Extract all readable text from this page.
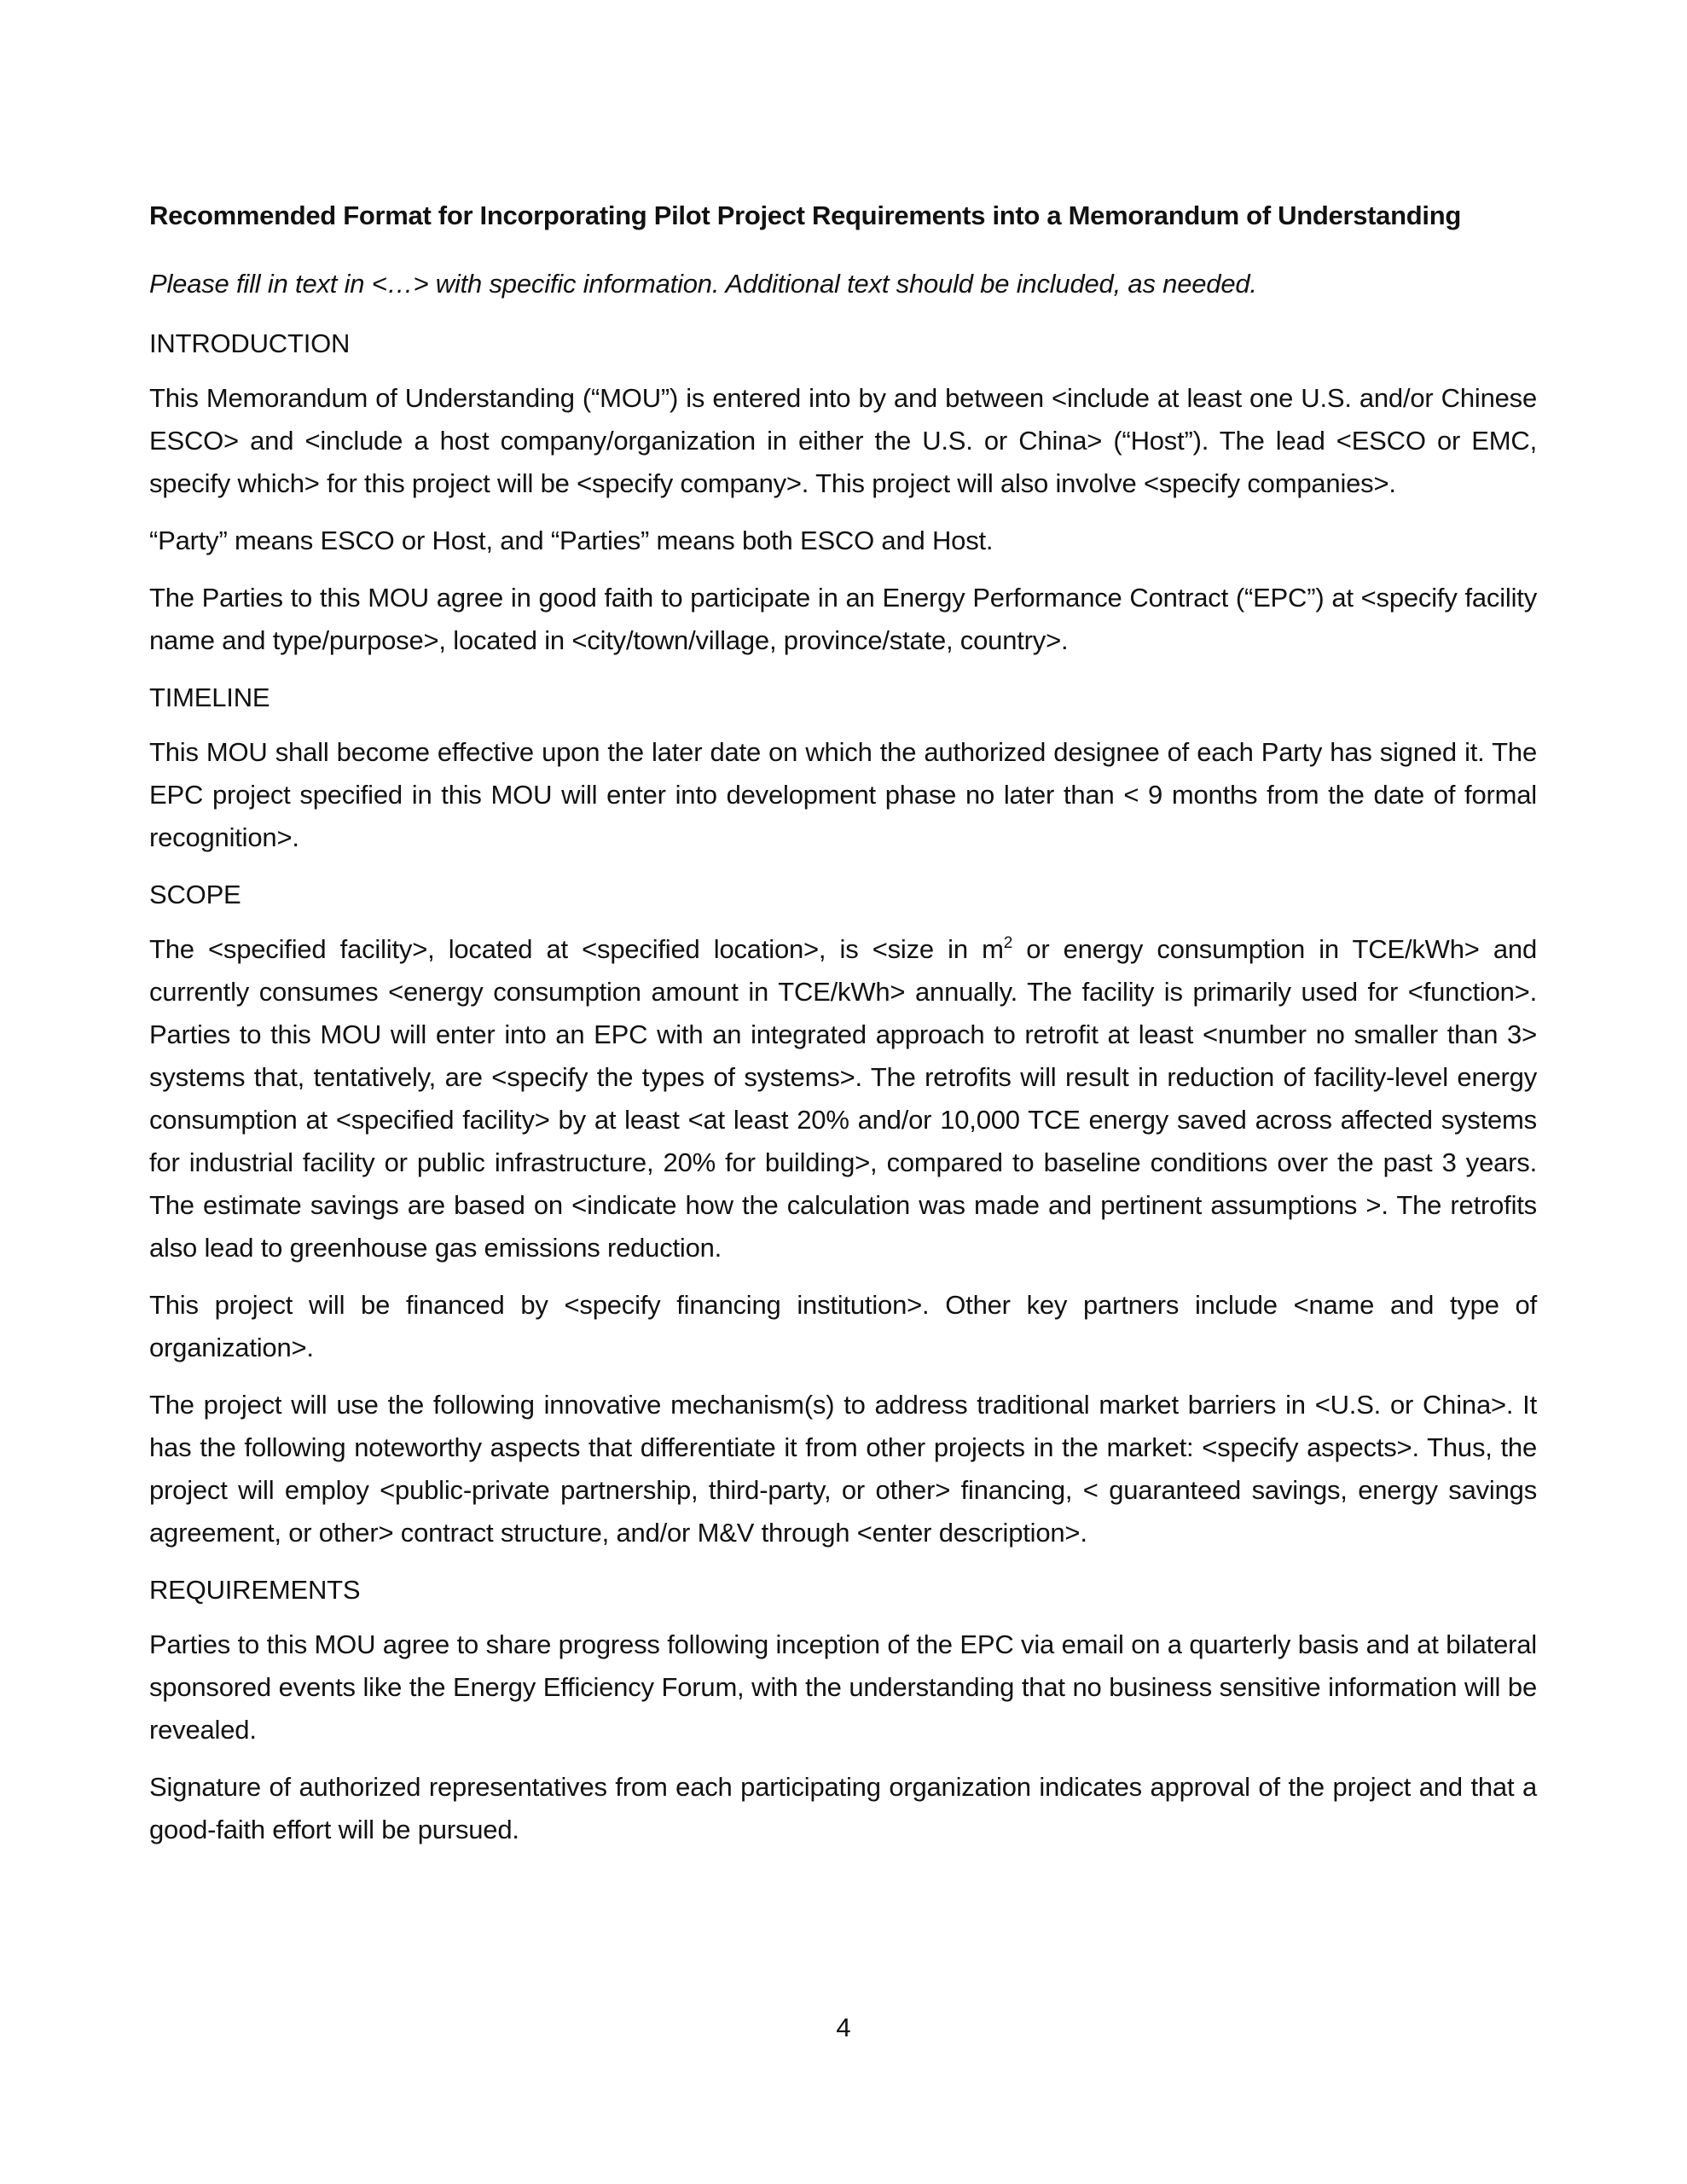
Recommended Format for Incorporating Pilot Project Requirements into a Memorandum of Understanding
Please fill in text in <…> with specific information. Additional text should be included, as needed.
INTRODUCTION

This Memorandum of Understanding (“MOU”) is entered into by and between <include at least one U.S. and/or Chinese ESCO> and <include a host company/organization in either the U.S. or China> (“Host”). The lead <ESCO or EMC, specify which> for this project will be <specify company>. This project will also involve <specify companies>.

“Party” means ESCO or Host, and “Parties” means both ESCO and Host.

The Parties to this MOU agree in good faith to participate in an Energy Performance Contract (“EPC”) at <specify facility name and type/purpose>, located in <city/town/village, province/state, country>.

TIMELINE

This MOU shall become effective upon the later date on which the authorized designee of each Party has signed it. The EPC project specified in this MOU will enter into development phase no later than < 9 months from the date of formal recognition>.

SCOPE

The <specified facility>, located at <specified location>, is <size in $m^2$ or energy consumption in TCE/kWh> and currently consumes <energy consumption amount in TCE/kWh> annually. The facility is primarily used for <function>. Parties to this MOU will enter into an EPC with an integrated approach to retrofit at least <number no smaller than 3> systems that, tentatively, are <specify the types of systems>. The retrofits will result in reduction of facility-level energy consumption at <specified facility> by at least <at least 20% and/or 10,000 TCE energy saved across affected systems for industrial facility or public infrastructure, 20% for building>, compared to baseline conditions over the past 3 years. The estimate savings are based on <indicate how the calculation was made and pertinent assumptions >. The retrofits also lead to greenhouse gas emissions reduction.

This project will be financed by <specify financing institution>. Other key partners include <name and type of organization>.

The project will use the following innovative mechanism(s) to address traditional market barriers in <U.S. or China>. It has the following noteworthy aspects that differentiate it from other projects in the market: <specify aspects>. Thus, the project will employ <public-private partnership, third-party, or other> financing, < guaranteed savings, energy savings agreement, or other> contract structure, and/or M&V through <enter description>.

REQUIREMENTS

Parties to this MOU agree to share progress following inception of the EPC via email on a quarterly basis and at bilateral sponsored events like the Energy Efficiency Forum, with the understanding that no business sensitive information will be revealed.

Signature of authorized representatives from each participating organization indicates approval of the project and that a good-faith effort will be pursued.

4
